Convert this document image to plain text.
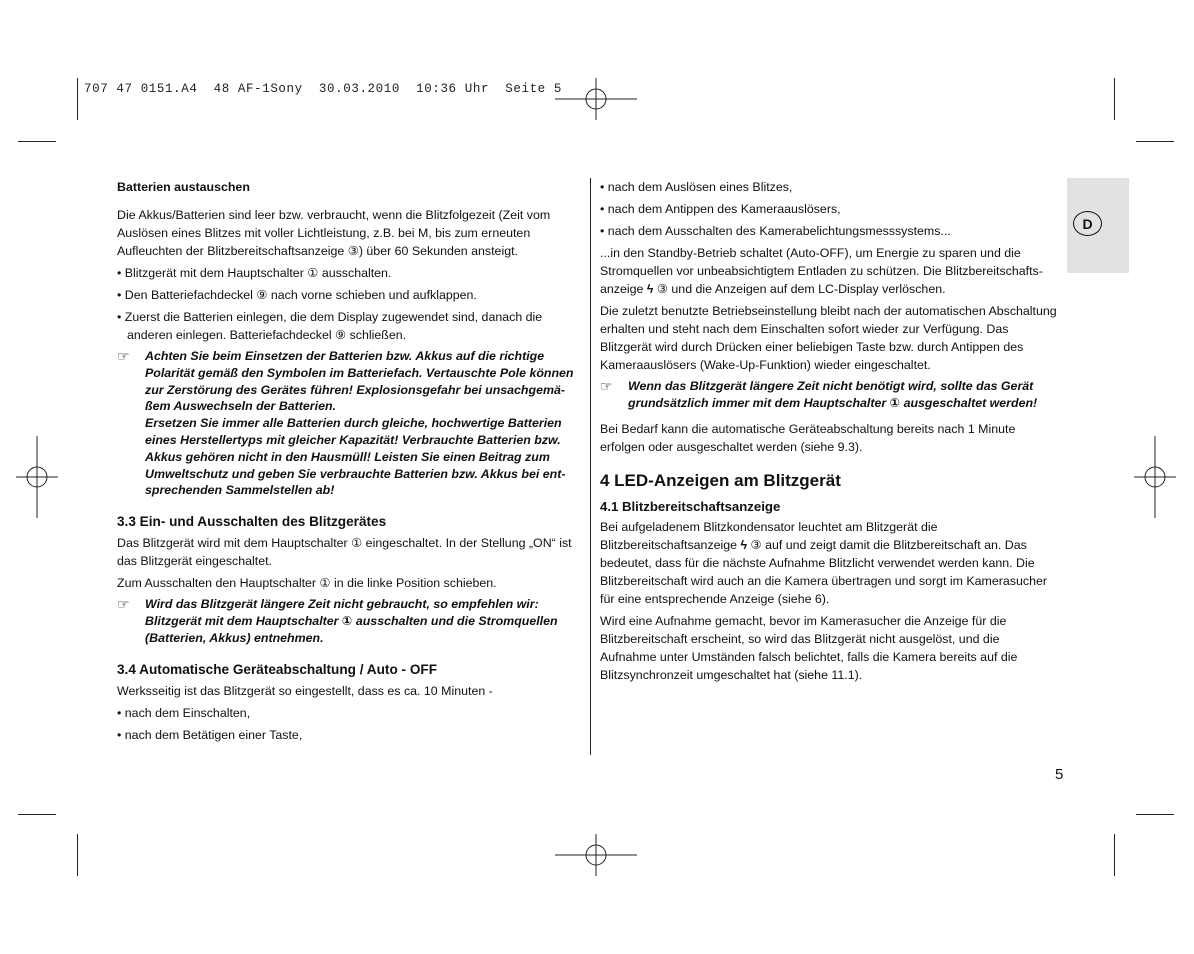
707 47 0151.A4  48 AF-1Sony  30.03.2010  10:36 Uhr  Seite 5
D
Batterien austauschen

Die Akkus/Batterien sind leer bzw. verbraucht, wenn die Blitzfolgezeit (Zeit vom Auslösen eines Blitzes mit voller Lichtleistung, z.B. bei M, bis zum erneuten Aufleuchten der Blitzbereitschaftsanzeige ③) über 60 Sekunden ansteigt.

• Blitzgerät mit dem Hauptschalter ① ausschalten.

• Den Batteriefachdeckel ⑨ nach vorne schieben und aufklappen.

• Zuerst die Batterien einlegen, die dem Display zugewendet sind, danach die anderen einlegen. Batteriefachdeckel ⑨ schließen.

☞	Achten Sie beim Einsetzen der Batterien bzw. Akkus auf die richtige Polarität gemäß den Symbolen im Batteriefach. Vertauschte Pole können zur Zerstörung des Gerätes führen! Explosionsgefahr bei unsachgemä-ßem Auswechseln der Batterien.
Ersetzen Sie immer alle Batterien durch gleiche, hochwertige Batterien eines Herstellertyps mit gleicher Kapazität! Verbrauchte Batterien bzw. Akkus gehören nicht in den Hausmüll! Leisten Sie einen Beitrag zum Umweltschutz und geben Sie verbrauchte Batterien bzw. Akkus bei ent-sprechenden Sammelstellen ab!
3.3 Ein- und Ausschalten des Blitzgerätes

Das Blitzgerät wird mit dem Hauptschalter ① eingeschaltet. In der Stellung „ON“ ist das Blitzgerät eingeschaltet.

Zum Ausschalten den Hauptschalter ① in die linke Position schieben.

☞	Wird das Blitzgerät längere Zeit nicht gebraucht, so empfehlen wir: Blitzgerät mit dem Hauptschalter ① ausschalten und die Stromquellen (Batterien, Akkus) entnehmen.
3.4 Automatische Geräteabschaltung / Auto - OFF

Werksseitig ist das Blitzgerät so eingestellt, dass es ca. 10 Minuten -

• nach dem Einschalten,

• nach dem Betätigen einer Taste,

• nach dem Auslösen eines Blitzes,

• nach dem Antippen des Kameraauslösers,

• nach dem Ausschalten des Kamerabelichtungsmesssystems...

...in den Standby-Betrieb schaltet (Auto-OFF), um Energie zu sparen und die Stromquellen vor unbeabsichtigtem Entladen zu schützen. Die Blitzbereitschafts-anzeige ϟ ③ und die Anzeigen auf dem LC-Display verlöschen.

Die zuletzt benutzte Betriebseinstellung bleibt nach der automatischen Abschaltung erhalten und steht nach dem Einschalten sofort wieder zur Verfügung. Das Blitzgerät wird durch Drücken einer beliebigen Taste bzw. durch Antippen des Kameraauslösers (Wake-Up-Funktion) wieder eingeschaltet.

☞	Wenn das Blitzgerät längere Zeit nicht benötigt wird, sollte das Gerät grundsätzlich immer mit dem Hauptschalter ① ausgeschaltet werden!

Bei Bedarf kann die automatische Geräteabschaltung bereits nach 1 Minute erfolgen oder ausgeschaltet werden (siehe 9.3).

4 LED-Anzeigen am Blitzgerät
4.1 Blitzbereitschaftsanzeige

Bei aufgeladenem Blitzkondensator leuchtet am Blitzgerät die Blitzbereitschaftsanzeige ϟ ③ auf und zeigt damit die Blitzbereitschaft an. Das bedeutet, dass für die nächste Aufnahme Blitzlicht verwendet werden kann. Die Blitzbereitschaft wird auch an die Kamera übertragen und sorgt im Kamerasucher für eine entsprechende Anzeige (siehe 6).

Wird eine Aufnahme gemacht, bevor im Kamerasucher die Anzeige für die Blitzbereitschaft erscheint, so wird das Blitzgerät nicht ausgelöst, und die Aufnahme unter Umständen falsch belichtet, falls die Kamera bereits auf die Blitzsynchronzeit umgeschaltet hat (siehe 11.1).

5
